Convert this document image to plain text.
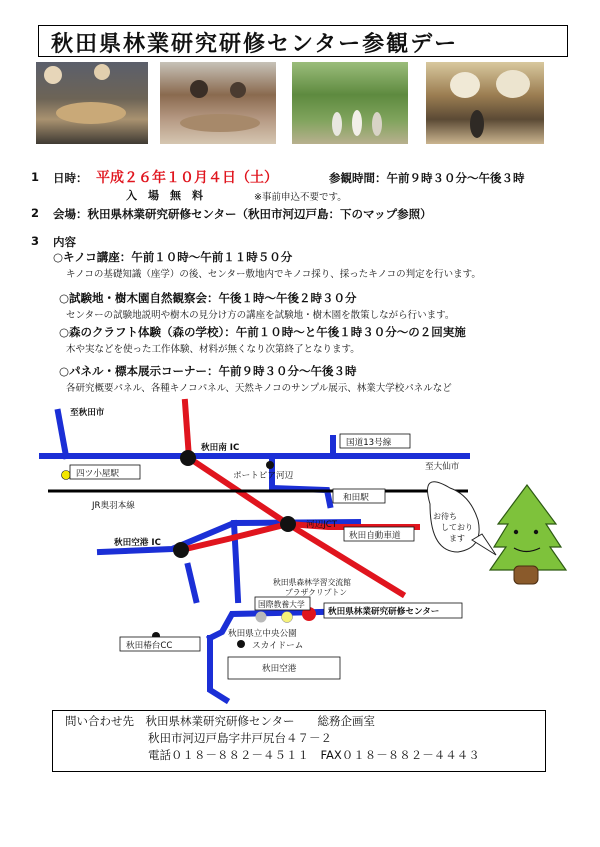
秋田県林業研究研修センター参観デー
1 日時： 平成２６年１０月４日（土）	参観時間：午前９時３０分～午後３時
入　場　無　料	※事前申込不要です。
2 会場：秋田県林業研究研修センター（秋田市河辺戸島：下のマップ参照）
3 内容
○キノコ講座：午前１０時～午前１１時５０分
キノコの基礎知識（座学）の後、センター敷地内でキノコ採り、採ったキノコの判定を行います。
○試験地・樹木園自然観察会：午後１時～午後２時３０分
センターの試験地説明や樹木の見分け方の講座を試験地・樹木園を散策しながら行います。
○森のクラフト体験（森の学校）：午前１０時～と午後１時３０分～の２回実施
木や実などを使った工作体験、材料が無くなり次第終了となります。
○パネル・標本展示コーナー：午前９時３０分～午後３時
各研究概要パネル、各種キノコパネル、天然キノコのサンプル展示、林業大学校パネルなど
至秋田市
秋田南 IC	国道13号線
至大仙市
四ツ小屋駅	ポートピア河辺
JR奥羽本線
和田駅
河辺JCT
秋田自動車道
秋田空港 IC
秋田県森林学習交流館
プラザクリプトン
国際教養大学
秋田県林業研究研修センター
秋田県立中央公園
秋田椿台CC	スカイドーム
秋田空港
お待ち
しており
ます
問い合わせ先　秋田県林業研究研修センター　　総務企画室
秋田市河辺戸島字井戸尻台４７－２
電話０１８－８８２－４５１１　FAX０１８－８８２－４４４３
